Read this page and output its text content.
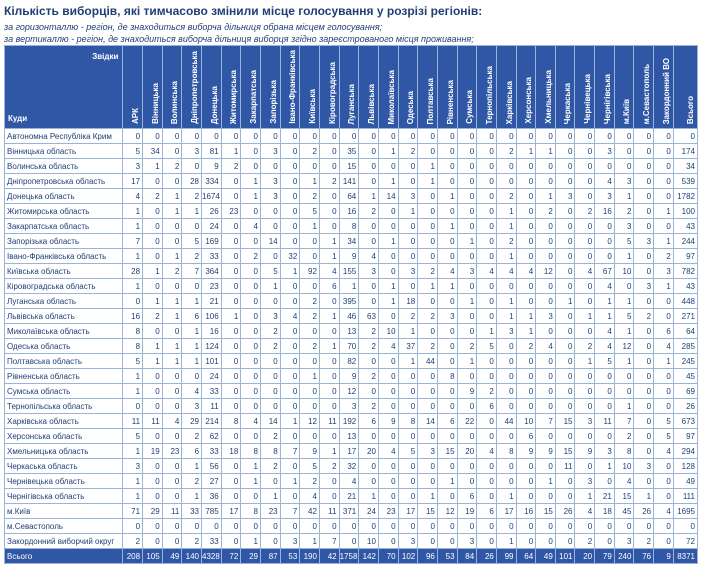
Кількість виборців, які тимчасово змінили місце голосування у розрізі регіонів:
за горизонталлю - регіон, де знаходиться виборча дільниця обрана місцем голосування;
за вертикаллю - регіон, де знаходиться виборча дільниця виборця згідно зареєстрованого місця проживання;
Звідки
Куди	АРК	Вінницька	Волинська	Дніпропетровська	Донецька	Житомирська	Закарпатська	Запорізька	Івано-Франківська	Київська	Кіровоградська	Луганська	Львівська	Миколаївська	Одеська	Полтавська	Рівненська	Сумська	Тернопільська	Харківська	Херсонська	Хмельницька	Черкаська	Чернівецька	Чернігівська	м.Київ	м.Севастополь	Закордонний ВО	Всього
Автономна Республіка Крим	0	0	0	0	0	0	0	0	0	0	0	0	0	0	0	0	0	0	0	0	0	0	0	0	0	0	0	0	0
Вінницька область	5	34	0	3	81	1	0	3	0	2	0	35	0	1	2	0	0	0	0	2	1	1	0	0	3	0	0	0	174
Волинська область	3	1	2	0	9	2	0	0	0	0	0	15	0	0	0	1	0	0	0	0	0	0	0	0	0	0	0	0	34
Дніпропетровська область	17	0	0	28	334	0	1	3	0	1	2	141	0	1	0	1	0	0	0	0	0	0	0	0	4	3	0	0	539
Донецька область	4	2	1	2	1674	0	1	3	0	2	0	64	1	14	3	0	1	0	0	2	0	1	3	0	3	1	0	0	1782
Житомирська область	1	0	1	1	26	23	0	0	0	5	0	16	2	0	1	0	0	0	0	1	0	2	0	2	16	2	0	1	100
Закарпатська область	1	0	0	0	24	0	4	0	0	1	0	8	0	0	0	0	1	0	0	1	0	0	0	0	0	3	0	0	43
Запорізька область	7	0	0	5	169	0	0	14	0	0	1	34	0	1	0	0	0	1	0	2	0	0	0	0	0	5	3	1	244
Івано-Франківська область	1	0	1	2	33	0	2	0	32	0	1	9	4	0	0	0	0	0	0	1	0	0	0	0	0	1	0	2	97
Київська область	28	1	2	7	364	0	0	5	1	92	4	155	3	0	3	2	4	3	4	4	4	12	0	4	67	10	0	3	782
Кіровоградська область	1	0	0	0	23	0	0	1	0	0	6	1	0	1	0	1	1	0	0	0	0	0	0	0	4	0	3	1	43
Луганська область	0	1	1	1	21	0	0	0	0	2	0	395	0	1	18	0	0	1	0	1	0	0	1	0	1	1	0	0	448
Львівська область	16	2	1	6	106	1	0	3	4	2	1	46	63	0	2	2	3	0	0	1	1	3	0	1	1	5	2	0	271
Миколаївська область	8	0	0	1	16	0	0	2	0	0	0	13	2	10	1	0	0	0	1	3	1	0	0	0	4	1	0	6	64
Одеська область	8	1	1	1	124	0	0	2	0	2	1	70	2	4	37	2	0	2	5	0	2	4	0	2	4	12	0	4	285
Полтавська область	5	1	1	1	101	0	0	0	0	0	0	82	0	0	1	44	0	1	0	0	0	0	0	1	5	1	0	1	245
Рівненська область	1	0	0	0	24	0	0	0	0	1	0	9	2	0	0	0	8	0	0	0	0	0	0	0	0	0	0	0	45
Сумська область	1	0	0	4	33	0	0	0	0	0	0	12	0	0	0	0	0	9	2	0	0	0	0	0	0	0	0	0	69
Тернопільська область	0	0	0	3	11	0	0	0	0	0	0	3	2	0	0	0	0	0	6	0	0	0	0	0	0	1	0	0	26
Харківська область	11	11	4	29	214	8	4	14	1	12	11	192	6	9	8	14	6	22	0	44	10	7	15	3	11	7	0	5	673
Херсонська область	5	0	0	2	62	0	0	2	0	0	0	13	0	0	0	0	0	0	0	0	6	0	0	0	0	2	0	5	97
Хмельницька область	1	19	23	6	33	18	8	8	7	9	1	17	20	4	5	3	15	20	4	8	9	9	15	9	3	8	0	4	294
Черкаська область	3	0	0	1	56	0	1	2	0	5	2	32	0	0	0	0	0	0	0	0	0	0	11	0	1	10	3	0	128
Чернівецька область	1	0	0	2	27	0	1	0	1	2	0	4	0	0	0	0	1	0	0	0	0	1	0	3	0	4	0	0	49
Чернігівська область	1	0	0	1	36	0	0	1	0	4	0	21	1	0	0	1	0	6	0	1	0	0	0	1	21	15	1	0	111
м.Київ	71	29	11	33	785	17	8	23	7	42	11	371	24	23	17	15	12	19	6	17	16	15	26	4	18	45	26	4	1695
м.Севастополь	0	0	0	0	0	0	0	0	0	0	0	0	0	0	0	0	0	0	0	0	0	0	0	0	0	0	0	0	0
Закордонний виборчий округ	2	0	0	2	33	0	1	0	3	1	7	0	10	0	3	0	0	3	0	1	0	0	0	2	0	3	2	0	72
Всього	208	105	49	140	4328	72	29	87	53	190	42	1758	142	70	102	96	53	84	26	99	64	49	101	20	79	240	76	9	8371
